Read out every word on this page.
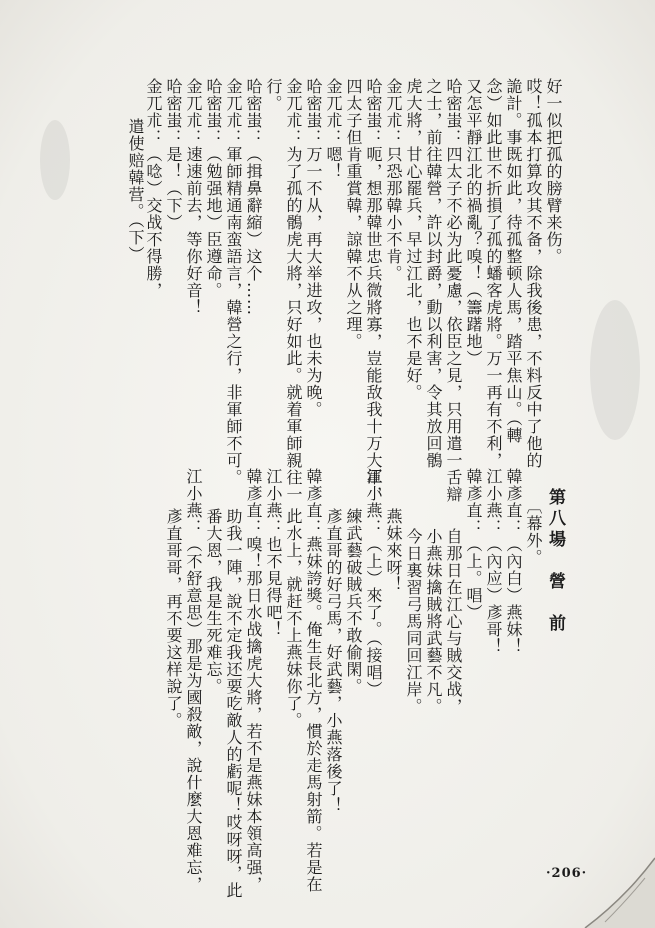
好一似把孤的膀臂来伤。
哎！孤本打算攻其不备，除我後患，不料反中了他的
詭計。事既如此，待孤整顿人馬，踏平焦山。（轉
念）如此世不折損了孤的蟠客虎將。万一再有不利，
又怎平靜江北的禍亂？嗅！（籌躇地）
哈密蚩：四太子不必为此憂慮，依臣之見，只用遣一舌辯
之士，前往韓營，許以封爵，動以利害，令其放回鶻
虎大將，甘心罷兵，早过江北，也不是好。
金兀朮：只恐那韓小不肯。
哈密蚩：呃，想那韓世忠兵微將寡，豈能敌我十万大軍，
四太子但肯重賞韓，諒韓不从之理。
金兀朮：嗯！
哈密蚩：万一不从，再大举进攻，也未为晚。
金兀朮：为了孤的鶻虎大將，只好如此。就着軍師親往一
行。
哈密蚩：（揖鼻辭縮）这个……
金兀朮：軍師精通南蛮語言，韓營之行，非軍師不可。
哈密蚩：（勉强地）臣遵命。
金兀朮：速速前去，等你好音！
哈密蚩：是！（下）
金兀朮：（唸）交战不得勝，
遣使赔韓营。（下）
第八場　營　前
〔幕外。
韓彥直：（內白）燕妹！
江小燕：（內应）彥哥！
韓彥直：（上。唱）
自那日在江心与賊交战，
小燕妹擒賊將武藝不凡。
今日裏習弓馬同回江岸。
燕妹來呀！
江小燕：（上）來了。（接唱）
練武藝破賊兵不敢偷閑。
彥直哥的好弓馬，好武藝，小燕落後了！
韓彥直：燕妹誇獎。俺生長北方，慣於走馬射箭。若是在
此水上，就赶不上燕妹你了。
江小燕：也不見得吧！
韓彥直：嗅！那日水战擒虎大將，若不是燕妹本領高强，
助我一陣，說不定我还要吃敵人的虧呢！哎呀呀，此
番大恩，我是生死难忘。
江小燕：（不舒意思）那是为國殺敵，說什麼大恩难忘，
彥直哥哥，再不要这样說了。
·206·
